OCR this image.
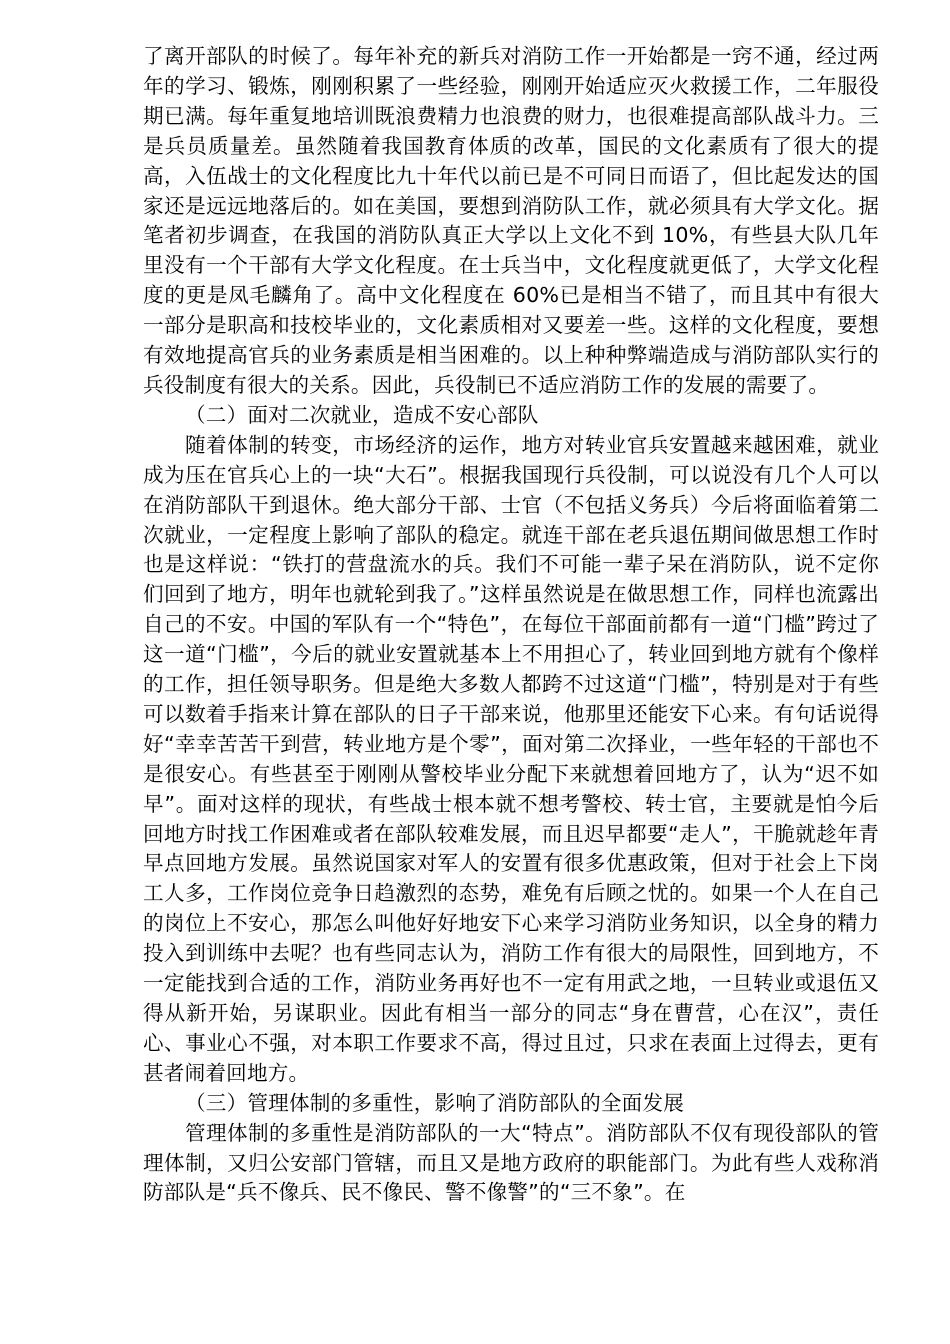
了离开部队的时候了。每年补充的新兵对消防工作一开始都是一窍不通，经过两年的学习、锻炼，刚刚积累了一些经验，刚刚开始适应灭火救援工作，二年服役期已满。每年重复地培训既浪费精力也浪费的财力，也很难提高部队战斗力。三是兵员质量差。虽然随着我国教育体质的改革，国民的文化素质有了很大的提高，入伍战士的文化程度比九十年代以前已是不可同日而语了，但比起发达的国家还是远远地落后的。如在美国，要想到消防队工作，就必须具有大学文化。据笔者初步调查，在我国的消防队真正大学以上文化不到 10%，有些县大队几年里没有一个干部有大学文化程度。在士兵当中，文化程度就更低了，大学文化程度的更是凤毛麟角了。高中文化程度在 60%已是相当不错了，而且其中有很大一部分是职高和技校毕业的，文化素质相对又要差一些。这样的文化程度，要想有效地提高官兵的业务素质是相当困难的。以上种种弊端造成与消防部队实行的兵役制度有很大的关系。因此，兵役制已不适应消防工作的发展的需要了。

（二）面对二次就业，造成不安心部队

随着体制的转变，市场经济的运作，地方对转业官兵安置越来越困难，就业成为压在官兵心上的一块“大石”。根据我国现行兵役制，可以说没有几个人可以在消防部队干到退休。绝大部分干部、士官（不包括义务兵）今后将面临着第二次就业，一定程度上影响了部队的稳定。就连干部在老兵退伍期间做思想工作时也是这样说：“铁打的营盘流水的兵。我们不可能一辈子呆在消防队，说不定你们回到了地方，明年也就轮到我了。”这样虽然说是在做思想工作，同样也流露出自己的不安。中国的军队有一个“特色”，在每位干部面前都有一道“门槛”跨过了这一道“门槛”，今后的就业安置就基本上不用担心了，转业回到地方就有个像样的工作，担任领导职务。但是绝大多数人都跨不过这道“门槛”，特别是对于有些可以数着手指来计算在部队的日子干部来说，他那里还能安下心来。有句话说得好“幸幸苦苦干到营，转业地方是个零”，面对第二次择业，一些年轻的干部也不是很安心。有些甚至于刚刚从警校毕业分配下来就想着回地方了，认为“迟不如早”。面对这样的现状，有些战士根本就不想考警校、转士官，主要就是怕今后回地方时找工作困难或者在部队较难发展，而且迟早都要“走人”，干脆就趁年青早点回地方发展。虽然说国家对军人的安置有很多优惠政策，但对于社会上下岗工人多，工作岗位竞争日趋激烈的态势，难免有后顾之忧的。如果一个人在自己的岗位上不安心，那怎么叫他好好地安下心来学习消防业务知识，以全身的精力投入到训练中去呢？也有些同志认为，消防工作有很大的局限性，回到地方，不一定能找到合适的工作，消防业务再好也不一定有用武之地，一旦转业或退伍又得从新开始，另谋职业。因此有相当一部分的同志“身在曹营，心在汉”，责任心、事业心不强，对本职工作要求不高，得过且过，只求在表面上过得去，更有甚者闹着回地方。

（三）管理体制的多重性，影响了消防部队的全面发展

管理体制的多重性是消防部队的一大“特点”。消防部队不仅有现役部队的管理体制，又归公安部门管辖，而且又是地方政府的职能部门。为此有些人戏称消防部队是“兵不像兵、民不像民、警不像警”的“三不象”。在
